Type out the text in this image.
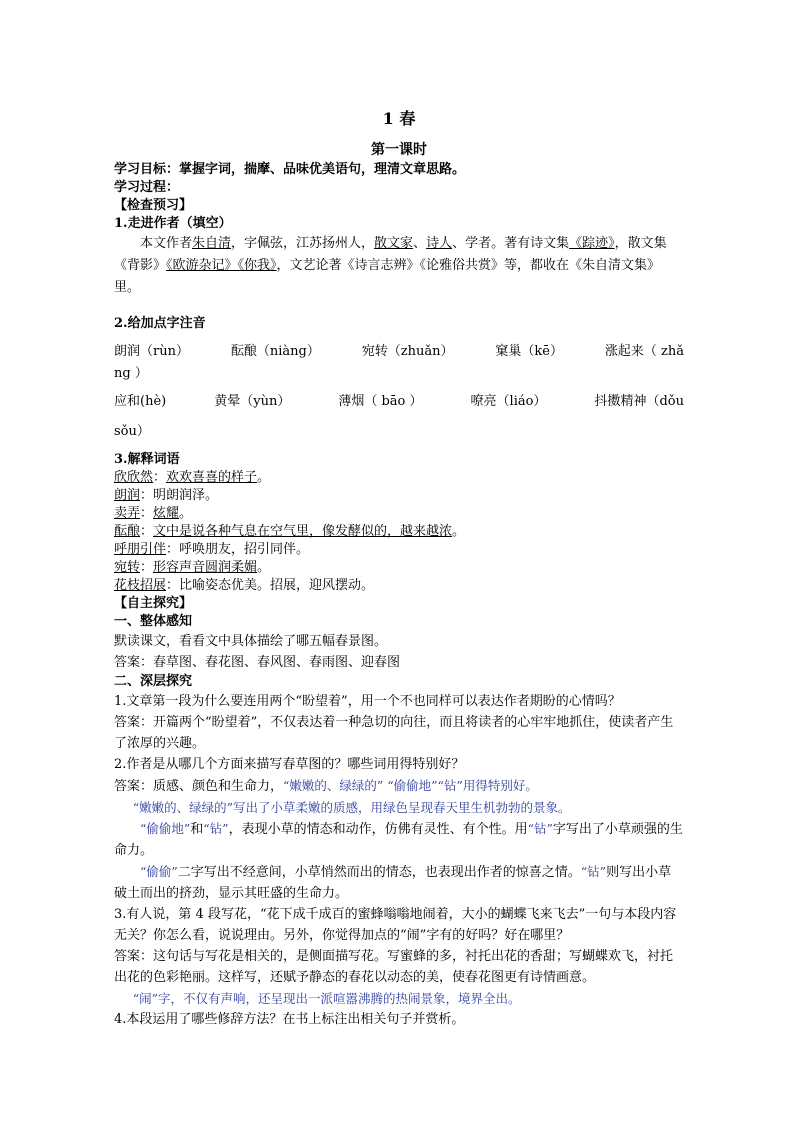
1 春
第一课时

学习目标：掌握字词，揣摩、品味优美语句，理清文章思路。

学习过程：

【检查预习】

1.走进作者（填空）

本文作者朱自清，字佩弦，江苏扬州人，散文家、诗人、学者。著有诗文集《踪迹》，散文集《背影》《欧游杂记》《你我》，文艺论著《诗言志辨》《论雅俗共赏》等，都收在《朱自清文集》里。

2.给加点字注音

朗润（rùn）	酝酿（niàng）	宛转（zhuǎn）	窠巢（kē）	涨起来（ zhǎ

ng ）

应和(hè)	黄晕（yùn）	薄烟（ bāo ）	嘹亮（liáo）	抖擞精神（dǒu

sǒu）

3.解释词语

欣欣然：欢欢喜喜的样子。

朗润：明朗润泽。

卖弄：炫耀。

酝酿：文中是说各种气息在空气里，像发酵似的，越来越浓。

呼朋引伴：呼唤朋友，招引同伴。

宛转：形容声音圆润柔媚。

花枝招展：比喻姿态优美。招展，迎风摆动。

【自主探究】

一、整体感知

默读课文，看看文中具体描绘了哪五幅春景图。

答案：春草图、春花图、春风图、春雨图、迎春图

二、深层探究

1.文章第一段为什么要连用两个“盼望着”，用一个不也同样可以表达作者期盼的心情吗？

答案：开篇两个“盼望着”，不仅表达着一种急切的向往，而且将读者的心牢牢地抓住，使读者产生了浓厚的兴趣。

2.作者是从哪几个方面来描写春草图的？哪些词用得特别好？

答案：质感、颜色和生命力，“嫩嫩的、绿绿的” “偷偷地”“钻”用得特别好。

“嫩嫩的、绿绿的”写出了小草柔嫩的质感，用绿色呈现春天里生机勃勃的景象。

“偷偷地”和“钻”，表现小草的情态和动作，仿佛有灵性、有个性。用“钻”字写出了小草顽强的生命力。

“偷偷”二字写出不经意间，小草悄然而出的情态，也表现出作者的惊喜之情。“钻”则写出小草破土而出的挤劲，显示其旺盛的生命力。

3.有人说，第 4 段写花，“花下成千成百的蜜蜂嗡嗡地闹着，大小的蝴蝶飞来飞去”一句与本段内容无关？你怎么看，说说理由。另外，你觉得加点的“闹”字有的好吗？好在哪里？

答案：这句话与写花是相关的，是侧面描写花。写蜜蜂的多，衬托出花的香甜；写蝴蝶欢飞，衬托出花的色彩艳丽。这样写，还赋予静态的春花以动态的美，使春花图更有诗情画意。

“闹”字，不仅有声响，还呈现出一派喧嚣沸腾的热闹景象，境界全出。

4.本段运用了哪些修辞方法？在书上标注出相关句子并赏析。
